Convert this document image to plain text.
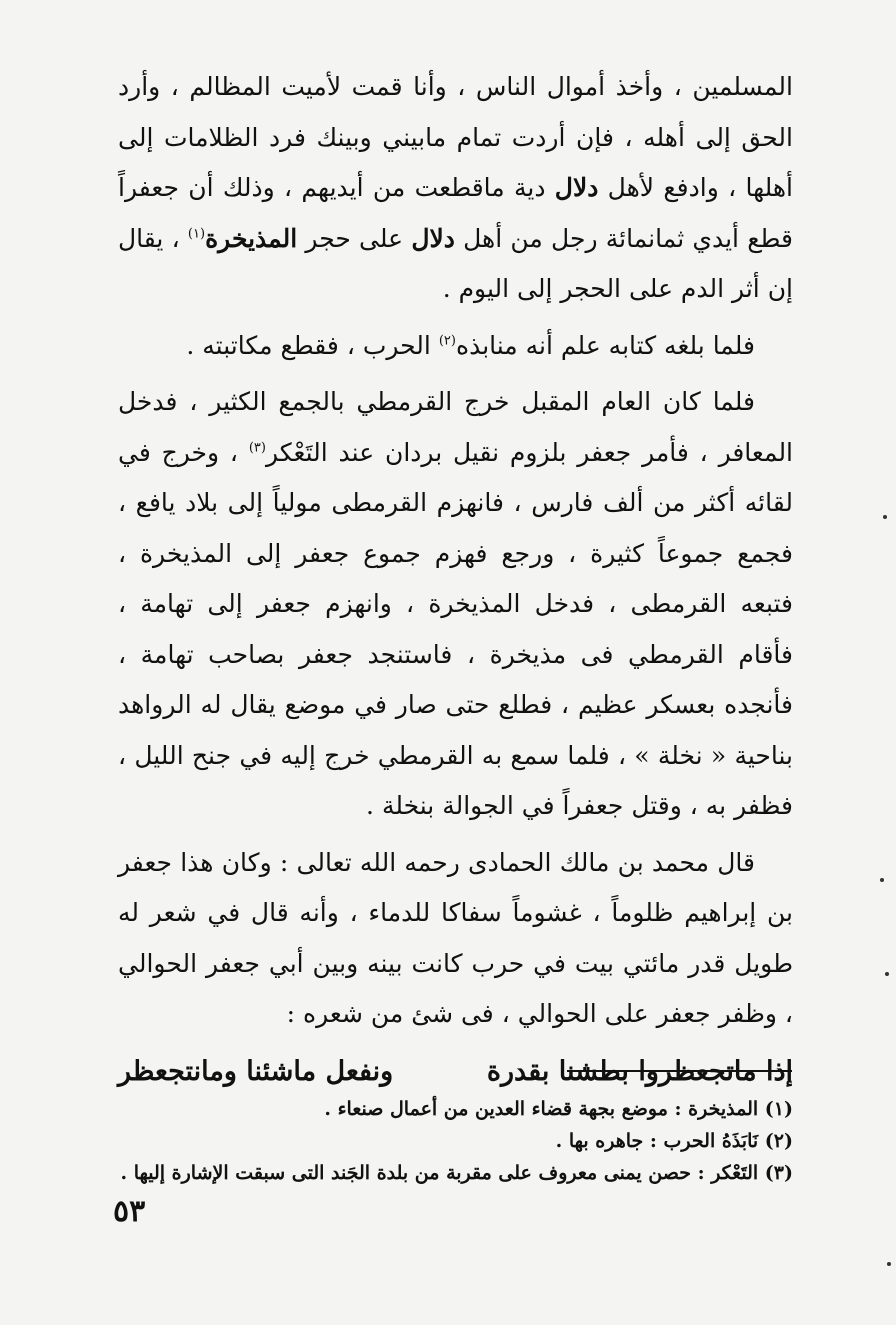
المسلمين ، وأخذ أموال الناس ، وأنا قمت لأميت المظالم ، وأرد الحق إلى أهله ، فإن أردت تمام مابيني وبينك فرد الظلامات إلى أهلها ، وادفع لأهل دلال دية ماقطعت من أيديهم ، وذلك أن جعفراً قطع أيدي ثمانمائة رجل من أهل دلال على حجر المذيخرة$^{(١)}$ ، يقال إن أثر الدم على الحجر إلى اليوم .

فلما بلغه كتابه علم أنه منابذه$^{(٢)}$ الحرب ، فقطع مكاتبته .

فلما كان العام المقبل خرج القرمطي بالجمع الكثير ، فدخل المعافر ، فأمر جعفر بلزوم نقيل بردان عند التَعْكر$^{(٣)}$ ، وخرج في لقائه أكثر من ألف فارس ، فانهزم القرمطى مولياً إلى بلاد يافع ، فجمع جموعاً كثيرة ، ورجع فهزم جموع جعفر إلى المذيخرة ، فتبعه القرمطى ، فدخل المذيخرة ، وانهزم جعفر إلى تهامة ، فأقام القرمطي فى مذيخرة ، فاستنجد جعفر بصاحب تهامة ، فأنجده بعسكر عظيم ، فطلع حتى صار في موضع يقال له الرواهد بناحية « نخلة » ، فلما سمع به القرمطي خرج إليه في جنح الليل ، فظفر به ، وقتل جعفراً في الجوالة بنخلة .

قال محمد بن مالك الحمادى رحمه الله تعالى : وكان هذا جعفر بن إبراهيم ظلوماً ، غشوماً سفاكا للدماء ، وأنه قال في شعر له طويل قدر مائتي بيت في حرب كانت بينه وبين أبي جعفر الحوالي ، وظفر جعفر على الحوالي ، فى شئ من شعره :

إذا ماتجعظروا بطشنا بقدرة
ونفعل ماشئنا ومانتجعظر

(١) المذيخرة : موضع بجهة قضاء العدين من أعمال صنعاء .

(٢) نَابَذَهُ الحرب : جاهره بها .

(٣) التَعْكر : حصن يمنى معروف على مقربة من بلدة الجَند التى سبقت الإشارة إليها .

٥٣
